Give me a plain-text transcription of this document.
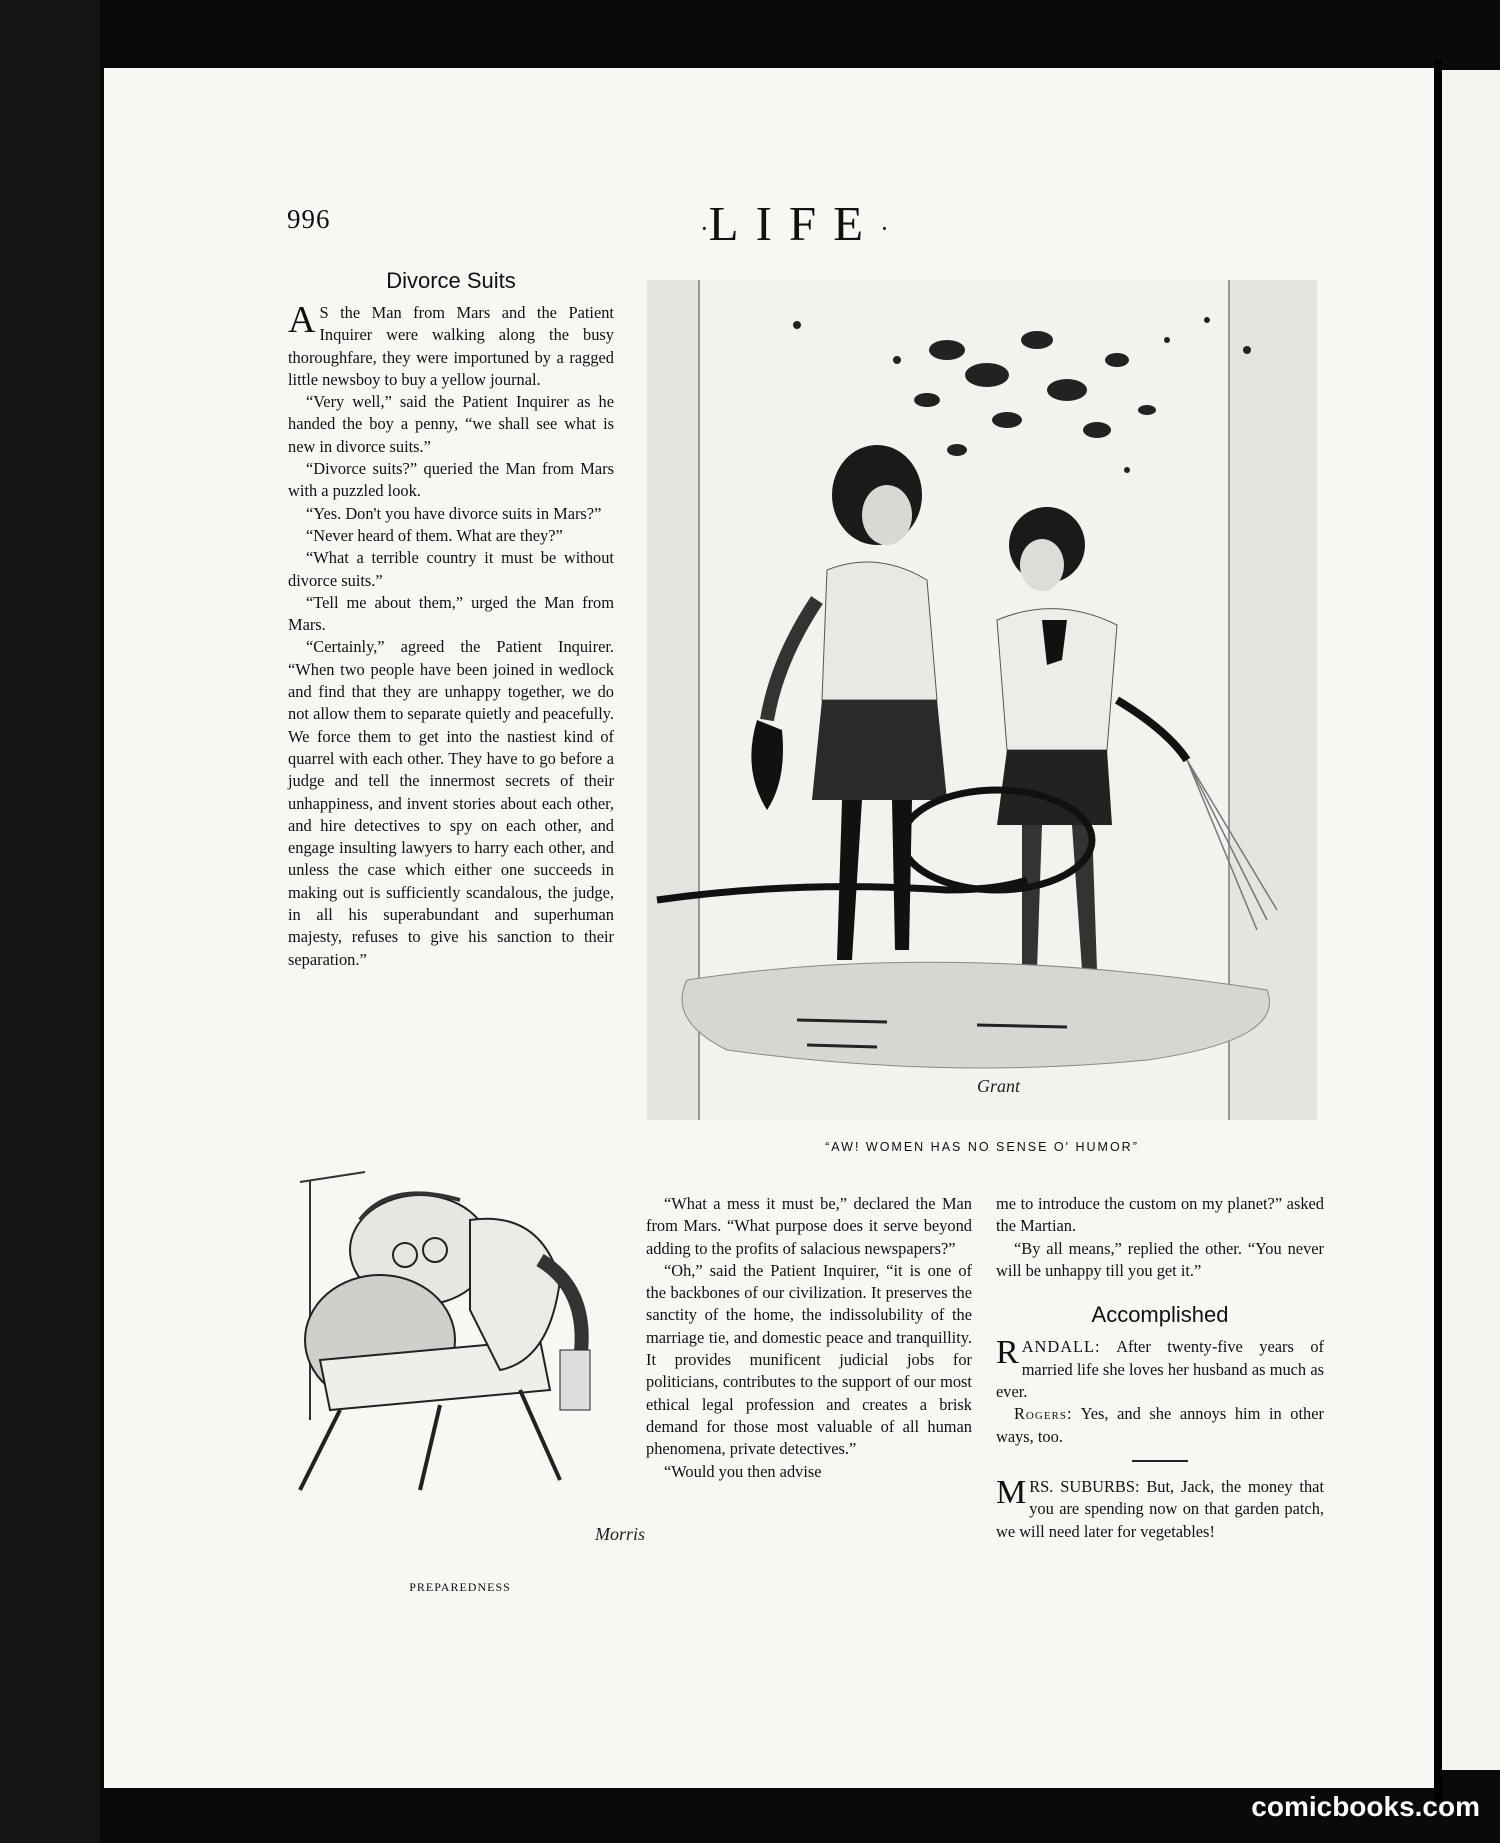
996	·LIFE·
Divorce Suits

A S the Man from Mars and the Patient Inquirer were walking along the busy thoroughfare, they were importuned by a ragged little newsboy to buy a yellow journal.

“Very well,” said the Patient Inquirer as he handed the boy a penny, “we shall see what is new in divorce suits.”

“Divorce suits?” queried the Man from Mars with a puzzled look.

“Yes. Don't you have divorce suits in Mars?”

“Never heard of them. What are they?”

“What a terrible country it must be without divorce suits.”

“Tell me about them,” urged the Man from Mars.

“Certainly,” agreed the Patient Inquirer. “When two people have been joined in wedlock and find that they are unhappy together, we do not allow them to separate quietly and peacefully. We force them to get into the nastiest kind of quarrel with each other. They have to go before a judge and tell the innermost secrets of their unhappiness, and invent stories about each other, and hire detectives to spy on each other, and engage insulting lawyers to harry each other, and unless the case which either one succeeds in making out is sufficiently scandalous, the judge, in all his superabundant and superhuman majesty, refuses to give his sanction to their separation.”

Grant
“AW! WOMEN HAS NO SENSE O' HUMOR”
Morris
PREPAREDNESS

“What a mess it must be,” declared the Man from Mars. “What purpose does it serve beyond adding to the profits of salacious newspapers?”

“Oh,” said the Patient Inquirer, “it is one of the backbones of our civilization. It preserves the sanctity of the home, the indissolubility of the marriage tie, and domestic peace and tranquillity. It provides munificent judicial jobs for politicians, contributes to the support of our most ethical legal profession and creates a brisk demand for those most valuable of all human phenomena, private detectives.”

“Would you then advise

me to introduce the custom on my planet?” asked the Martian.

“By all means,” replied the other. “You never will be unhappy till you get it.”

Accomplished

RANDALL: After twenty-five years of married life she loves her husband as much as ever.

Rogers: Yes, and she annoys him in other ways, too.

MRS. SUBURBS: But, Jack, the money that you are spending now on that garden patch, we will need later for vegetables!

comicbooks.com
